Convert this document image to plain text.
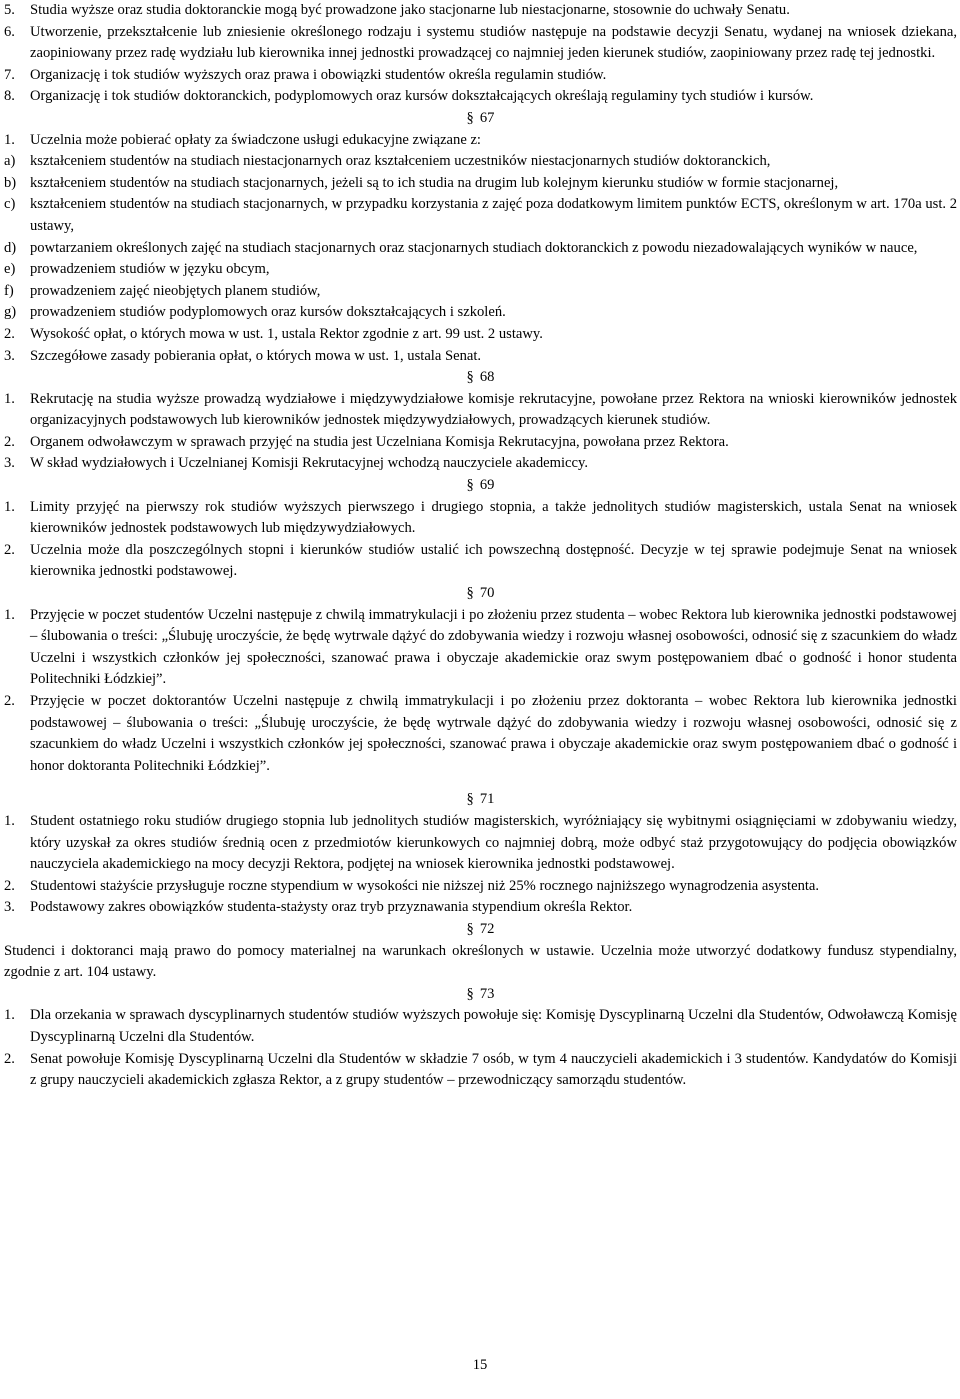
5.	Studia wyższe oraz studia doktoranckie mogą być prowadzone jako stacjonarne lub niestacjonarne, stosownie do uchwały Senatu.
6.	Utworzenie, przekształcenie lub zniesienie określonego rodzaju i systemu studiów następuje na podstawie decyzji Senatu, wydanej na wniosek dziekana, zaopiniowany przez radę wydziału lub kierownika innej jednostki prowadzącej co najmniej jeden kierunek studiów, zaopiniowany przez radę tej jednostki.
7.	Organizację i tok studiów wyższych oraz prawa i obowiązki studentów określa regulamin studiów.
8.	Organizację i tok studiów doktoranckich, podyplomowych oraz kursów dokształcających określają regulaminy tych studiów i kursów.
§ 67
1.	Uczelnia może pobierać opłaty za świadczone usługi edukacyjne związane z:
a)	kształceniem studentów na studiach niestacjonarnych oraz kształceniem uczestników niestacjonarnych studiów doktoranckich,
b) kształceniem studentów na studiach stacjonarnych, jeżeli są to ich studia na drugim lub kolejnym kierunku studiów w formie stacjonarnej,
c)	kształceniem studentów na studiach stacjonarnych, w przypadku korzystania z zajęć poza dodatkowym limitem punktów ECTS, określonym w art. 170a ust. 2 ustawy,
d) powtarzaniem określonych zajęć na studiach stacjonarnych oraz stacjonarnych studiach doktoranckich z powodu niezadowalających wyników w nauce,
e)	prowadzeniem studiów w języku obcym,
f)	prowadzeniem zajęć nieobjętych planem studiów,
g) prowadzeniem studiów podyplomowych oraz kursów dokształcających i szkoleń.
2.	Wysokość opłat, o których mowa w ust. 1, ustala Rektor zgodnie z art. 99 ust. 2 ustawy.
3.	Szczegółowe zasady pobierania opłat, o których mowa w ust. 1, ustala Senat.
§ 68
1.	Rekrutację na studia wyższe prowadzą wydziałowe i międzywydziałowe komisje rekrutacyjne, powołane przez Rektora na wnioski kierowników jednostek organizacyjnych podstawowych lub kierowników jednostek międzywydziałowych, prowadzących kierunek studiów.
2.	Organem odwoławczym w sprawach przyjęć na studia jest Uczelniana Komisja Rekrutacyjna, powołana przez Rektora.
3.	W skład wydziałowych i Uczelnianej Komisji Rekrutacyjnej wchodzą nauczyciele akademiccy.
§ 69
1.	Limity przyjęć na pierwszy rok studiów wyższych pierwszego i drugiego stopnia, a także jednolitych studiów magisterskich, ustala Senat na wniosek kierowników jednostek podstawowych lub międzywydziałowych.
2.	Uczelnia może dla poszczególnych stopni i kierunków studiów ustalić ich powszechną dostępność. Decyzje w tej sprawie podejmuje Senat na wniosek kierownika jednostki podstawowej.
§ 70
1.	Przyjęcie w poczet studentów Uczelni następuje z chwilą immatrykulacji i po złożeniu przez studenta – wobec Rektora lub kierownika jednostki podstawowej – ślubowania o treści: „Ślubuję uroczyście, że będę wytrwale dążyć do zdobywania wiedzy i rozwoju własnej osobowości, odnosić się z szacunkiem do władz Uczelni i wszystkich członków jej społeczności, szanować prawa i obyczaje akademickie oraz swym postępowaniem dbać o godność i honor studenta Politechniki Łódzkiej”.
2.	Przyjęcie w poczet doktorantów Uczelni następuje z chwilą immatrykulacji i po złożeniu przez doktoranta – wobec Rektora lub kierownika jednostki podstawowej – ślubowania o treści: „Ślubuję uroczyście, że będę wytrwale dążyć do zdobywania wiedzy i rozwoju własnej osobowości, odnosić się z szacunkiem do władz Uczelni i wszystkich członków jej społeczności, szanować prawa i obyczaje akademickie oraz swym postępowaniem dbać o godność i honor doktoranta Politechniki Łódzkiej”.
§ 71
1.	Student ostatniego roku studiów drugiego stopnia lub jednolitych studiów magisterskich, wyróżniający się wybitnymi osiągnięciami w zdobywaniu wiedzy, który uzyskał za okres studiów średnią ocen z przedmiotów kierunkowych co najmniej dobrą, może odbyć staż przygotowujący do podjęcia obowiązków nauczyciela akademickiego na mocy decyzji Rektora, podjętej na wniosek kierownika jednostki podstawowej.
2.	Studentowi stażyście przysługuje roczne stypendium w wysokości nie niższej niż 25% rocznego najniższego wynagrodzenia asystenta.
3.	Podstawowy zakres obowiązków studenta-stażysty oraz tryb przyznawania stypendium określa Rektor.
§ 72
Studenci i doktoranci mają prawo do pomocy materialnej na warunkach określonych w ustawie. Uczelnia może utworzyć dodatkowy fundusz stypendialny, zgodnie z art. 104 ustawy.
§ 73
1.	Dla orzekania w sprawach dyscyplinarnych studentów studiów wyższych powołuje się: Komisję Dyscyplinarną Uczelni dla Studentów, Odwoławczą Komisję Dyscyplinarną Uczelni dla Studentów.
2.	Senat powołuje Komisję Dyscyplinarną Uczelni dla Studentów w składzie 7 osób, w tym 4 nauczycieli akademickich i 3 studentów. Kandydatów do Komisji z grupy nauczycieli akademickich zgłasza Rektor, a z grupy studentów – przewodniczący samorządu studentów.
15
